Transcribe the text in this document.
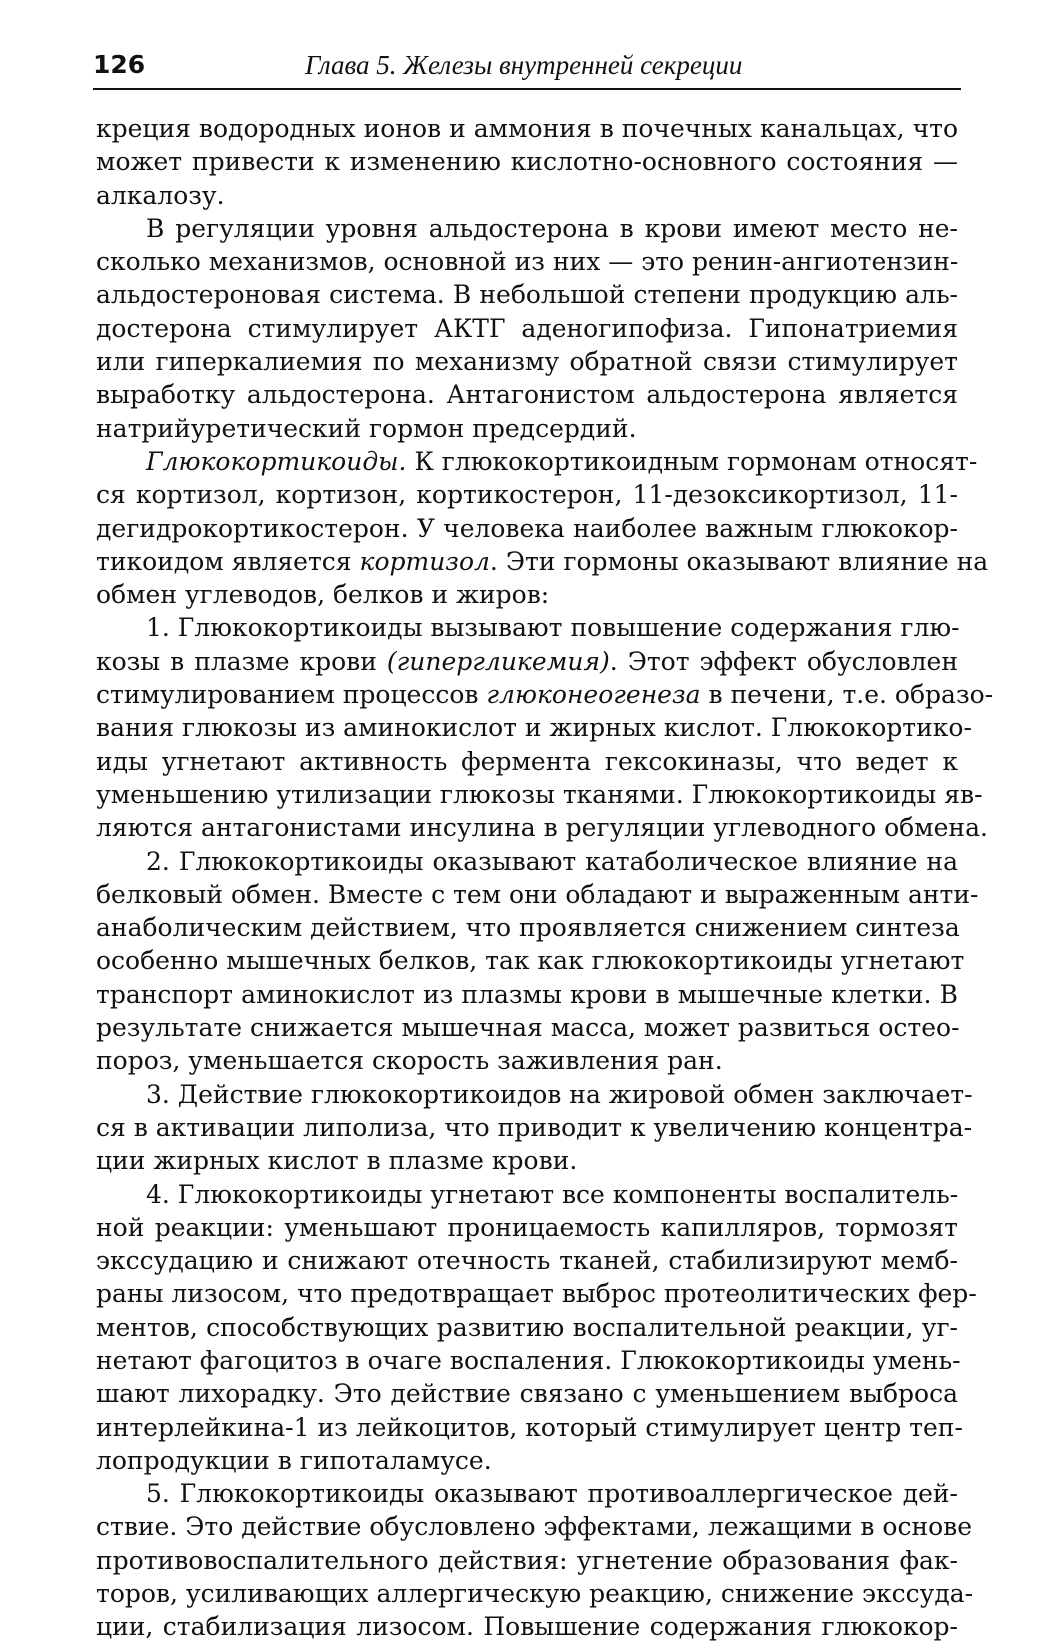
126	Глава 5. Железы внутренней секреции
креция водородных ионов и аммония в почечных канальцах, что
может привести к изменению кислотно-основного состояния —
алкалозу.
В регуляции уровня альдостерона в крови имеют место не-
сколько механизмов, основной из них — это ренин-ангиотензин-
альдостероновая система. В небольшой степени продукцию аль-
достерона стимулирует АКТГ аденогипофиза. Гипонатриемия
или гиперкалиемия по механизму обратной связи стимулирует
выработку альдостерона. Антагонистом альдостерона является
натрийуретический гормон предсердий.
Глюкокортикоиды. К глюкокортикоидным гормонам относят-
ся кортизол, кортизон, кортикостерон, 11-дезоксикортизол, 11-
дегидрокортикостерон. У человека наиболее важным глюкокор-
тикоидом является кортизол. Эти гормоны оказывают влияние на
обмен углеводов, белков и жиров:
1. Глюкокортикоиды вызывают повышение содержания глю-
козы в плазме крови (гипергликемия). Этот эффект обусловлен
стимулированием процессов глюконеогенеза в печени, т.е. образо-
вания глюкозы из аминокислот и жирных кислот. Глюкокортико-
иды угнетают активность фермента гексокиназы, что ведет к
уменьшению утилизации глюкозы тканями. Глюкокортикоиды яв-
ляются антагонистами инсулина в регуляции углеводного обмена.
2. Глюкокортикоиды оказывают катаболическое влияние на
белковый обмен. Вместе с тем они обладают и выраженным анти-
анаболическим действием, что проявляется снижением синтеза
особенно мышечных белков, так как глюкокортикоиды угнетают
транспорт аминокислот из плазмы крови в мышечные клетки. В
результате снижается мышечная масса, может развиться остео-
пороз, уменьшается скорость заживления ран.
3. Действие глюкокортикоидов на жировой обмен заключает-
ся в активации липолиза, что приводит к увеличению концентра-
ции жирных кислот в плазме крови.
4. Глюкокортикоиды угнетают все компоненты воспалитель-
ной реакции: уменьшают проницаемость капилляров, тормозят
экссудацию и снижают отечность тканей, стабилизируют мемб-
раны лизосом, что предотвращает выброс протеолитических фер-
ментов, способствующих развитию воспалительной реакции, уг-
нетают фагоцитоз в очаге воспаления. Глюкокортикоиды умень-
шают лихорадку. Это действие связано с уменьшением выброса
интерлейкина-1 из лейкоцитов, который стимулирует центр теп-
лопродукции в гипоталамусе.
5. Глюкокортикоиды оказывают противоаллергическое дей-
ствие. Это действие обусловлено эффектами, лежащими в основе
противовоспалительного действия: угнетение образования фак-
торов, усиливающих аллергическую реакцию, снижение экссуда-
ции, стабилизация лизосом. Повышение содержания глюкокор-
